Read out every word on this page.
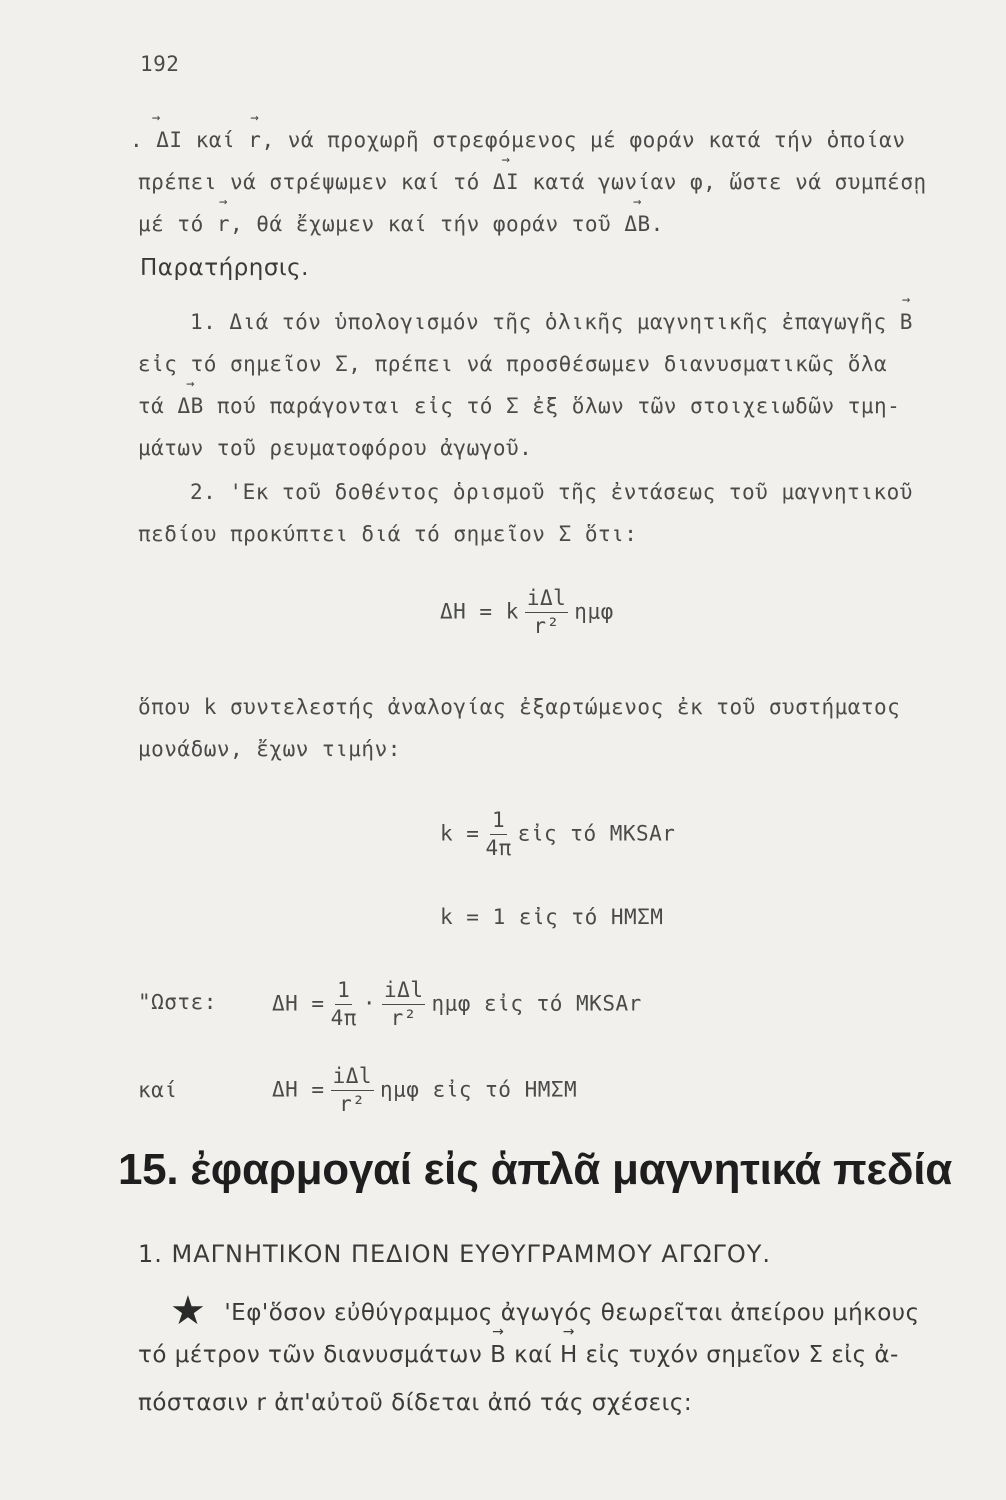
192
→ . ΔI καί → r, νά προχωρῆ στρεφόμενος μέ φοράν κατά τήν ὁποίαν
πρέπει νά στρέψωμεν καί τό → ΔI κατά γωνίαν φ, ὥστε νά συμπέσῃ
μέ τό → r, θά ἔχωμεν καί τήν φοράν τοῦ → ΔB.
Παρατήρησις.
1. Διά τόν ὑπολογισμόν τῆς ὁλικῆς μαγνητικῆς ἐπαγωγῆς → B
εἰς τό σημεῖον Σ, πρέπει νά προσθέσωμεν διανυσματικῶς ὅλα
τά → ΔB πού παράγονται εἰς τό Σ ἐξ ὅλων τῶν στοιχειωδῶν τμη-
μάτων τοῦ ρευματοφόρου ἀγωγοῦ.
2. 'Εκ τοῦ δοθέντος ὁρισμοῦ τῆς ἐντάσεως τοῦ μαγνητικοῦ
πεδίου προκύπτει διά τό σημεῖον Σ ὅτι:
ΔH = k $\frac{\text{iΔl}}{\text{r²}}$ ημφ
ὅπου k συντελεστής ἀναλογίας ἐξαρτώμενος ἐκ τοῦ συστήματος
μονάδων, ἔχων τιμήν:
$k = \frac{1}{4\pi}$ εἰς τό MKSAr
k = 1 εἰς τό ΗΜΣΜ
"Ωστε:	$\Delta H = \frac{1}{4\pi} \cdot \frac{\text{iΔl}}{\text{r²}}$ ημφ εἰς τό MKSAr
καί	$\Delta H = \frac{\text{iΔl}}{\text{r²}}$ ημφ εἰς τό ΗΜΣΜ
15. ἐφαρμογαί εἰς ἁπλᾶ μαγνητικά πεδία
1. ΜΑΓΝΗΤΙΚΟΝ ΠΕΔΙΟΝ ΕΥΘΥΓΡΑΜΜΟΥ ΑΓΩΓΟΥ.
★ 'Εφ'ὅσον εὐθύγραμμος ἀγωγός θεωρεῖται ἀπείρου μήκους
τό μέτρον τῶν διανυσμάτων → B καί → H εἰς τυχόν σημεῖον Σ εἰς ἀ-
πόστασιν r ἀπ'αὐτοῦ δίδεται ἀπό τάς σχέσεις:
